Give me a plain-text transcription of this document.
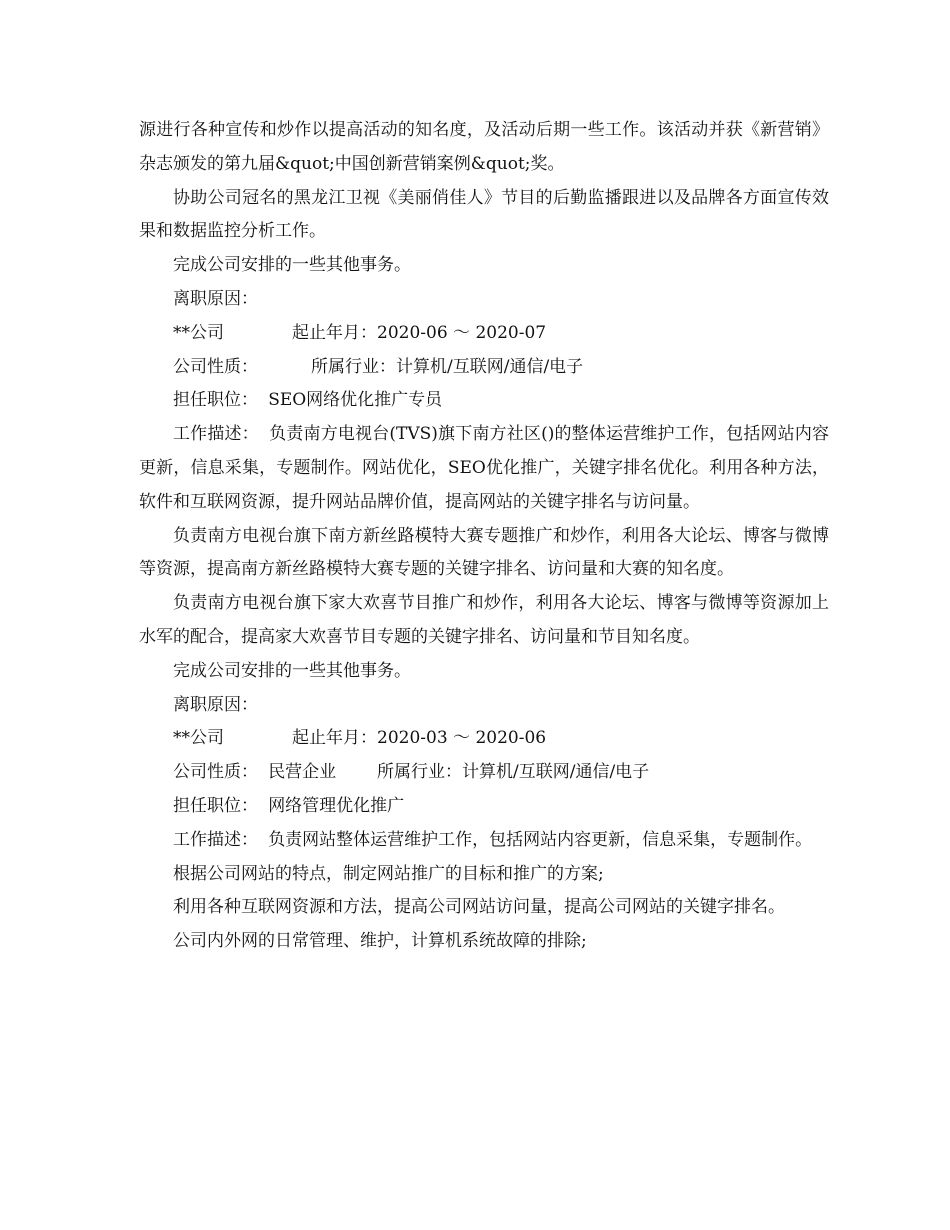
源进行各种宣传和炒作以提高活动的知名度，及活动后期一些工作。该活动并获《新营销》杂志颁发的第九届&quot;中国创新营销案例&quot;奖。

协助公司冠名的黑龙江卫视《美丽俏佳人》节目的后勤监播跟进以及品牌各方面宣传效果和数据监控分析工作。

完成公司安排的一些其他事务。

离职原因：

**公司	起止年月：2020-06 ～ 2020-07

公司性质：	所属行业：计算机/互联网/通信/电子

担任职位： SEO网络优化推广专员

工作描述： 负责南方电视台(TVS)旗下南方社区()的整体运营维护工作，包括网站内容更新，信息采集，专题制作。网站优化，SEO优化推广，关键字排名优化。利用各种方法，软件和互联网资源，提升网站品牌价值，提高网站的关键字排名与访问量。

负责南方电视台旗下南方新丝路模特大赛专题推广和炒作，利用各大论坛、博客与微博等资源，提高南方新丝路模特大赛专题的关键字排名、访问量和大赛的知名度。

负责南方电视台旗下家大欢喜节目推广和炒作，利用各大论坛、博客与微博等资源加上水军的配合，提高家大欢喜节目专题的关键字排名、访问量和节目知名度。

完成公司安排的一些其他事务。

离职原因：

**公司	起止年月：2020-03 ～ 2020-06

公司性质： 民营企业 所属行业：计算机/互联网/通信/电子

担任职位： 网络管理优化推广

工作描述： 负责网站整体运营维护工作，包括网站内容更新，信息采集，专题制作。

根据公司网站的特点，制定网站推广的目标和推广的方案;

利用各种互联网资源和方法，提高公司网站访问量，提高公司网站的关键字排名。

公司内外网的日常管理、维护，计算机系统故障的排除;
